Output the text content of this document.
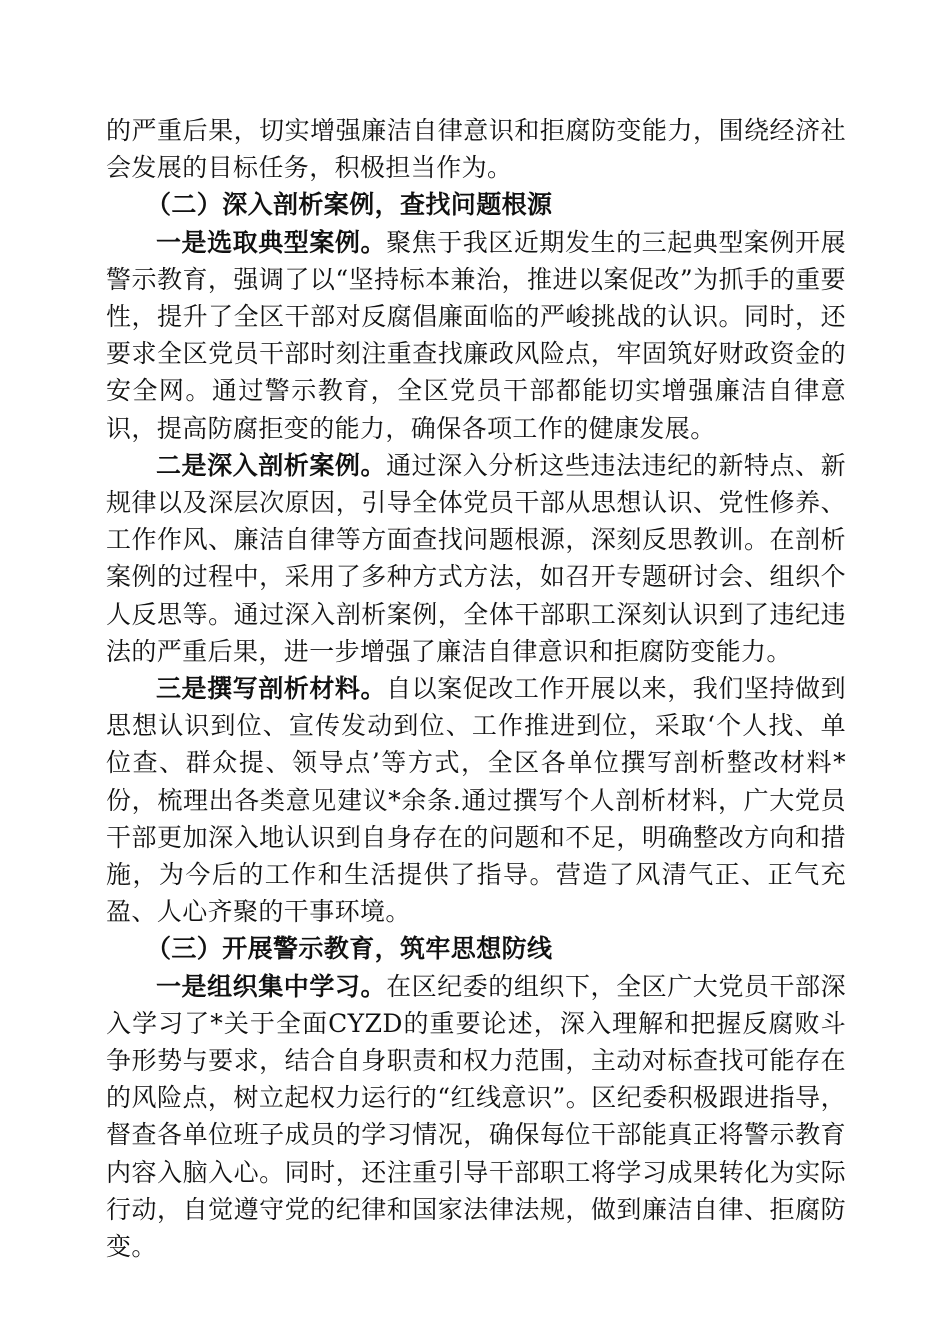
的严重后果，切实增强廉洁自律意识和拒腐防变能力，围绕经济社会发展的目标任务，积极担当作为。

（二）深入剖析案例，查找问题根源

一是选取典型案例。聚焦于我区近期发生的三起典型案例开展警示教育，强调了以“坚持标本兼治，推进以案促改”为抓手的重要性，提升了全区干部对反腐倡廉面临的严峻挑战的认识。同时，还要求全区党员干部时刻注重查找廉政风险点，牢固筑好财政资金的安全网。通过警示教育，全区党员干部都能切实增强廉洁自律意识，提高防腐拒变的能力，确保各项工作的健康发展。

二是深入剖析案例。通过深入分析这些违法违纪的新特点、新规律以及深层次原因，引导全体党员干部从思想认识、党性修养、工作作风、廉洁自律等方面查找问题根源，深刻反思教训。在剖析案例的过程中，采用了多种方式方法，如召开专题研讨会、组织个人反思等。通过深入剖析案例，全体干部职工深刻认识到了违纪违法的严重后果，进一步增强了廉洁自律意识和拒腐防变能力。

三是撰写剖析材料。自以案促改工作开展以来，我们坚持做到思想认识到位、宣传发动到位、工作推进到位，采取‘个人找、单位查、群众提、领导点’等方式，全区各单位撰写剖析整改材料*份，梳理出各类意见建议*余条.通过撰写个人剖析材料，广大党员干部更加深入地认识到自身存在的问题和不足，明确整改方向和措施，为今后的工作和生活提供了指导。营造了风清气正、正气充盈、人心齐聚的干事环境。

（三）开展警示教育，筑牢思想防线

一是组织集中学习。在区纪委的组织下，全区广大党员干部深入学习了*关于全面CYZD的重要论述，深入理解和把握反腐败斗争形势与要求，结合自身职责和权力范围，主动对标查找可能存在的风险点，树立起权力运行的“红线意识”。区纪委积极跟进指导，督查各单位班子成员的学习情况，确保每位干部能真正将警示教育内容入脑入心。同时，还注重引导干部职工将学习成果转化为实际行动，自觉遵守党的纪律和国家法律法规，做到廉洁自律、拒腐防变。
